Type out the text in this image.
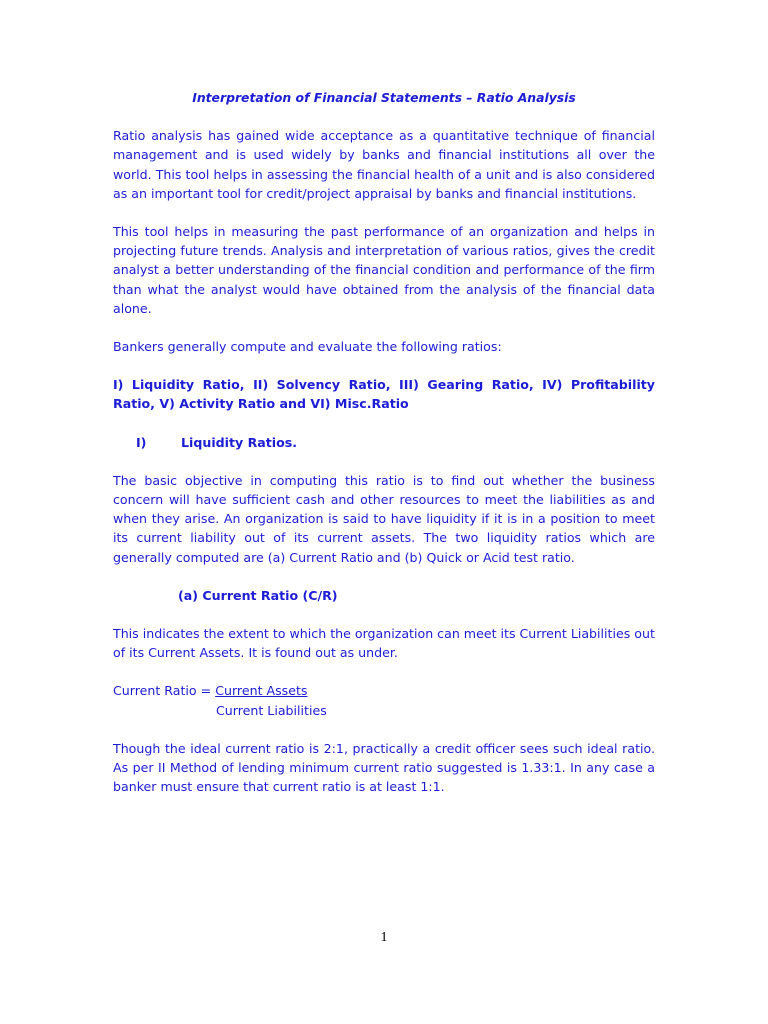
Interpretation of Financial Statements – Ratio Analysis

Ratio analysis has gained wide acceptance as a quantitative technique of financial management and is used widely by banks and financial institutions all over the world. This tool helps in assessing the financial health of a unit and is also considered as an important tool for credit/project appraisal by banks and financial institutions.

This tool helps in measuring the past performance of an organization and helps in projecting future trends. Analysis and interpretation of various ratios, gives the credit analyst a better understanding of the financial condition and performance of the firm than what the analyst would have obtained from the analysis of the financial data alone.

Bankers generally compute and evaluate the following ratios:

I) Liquidity Ratio, II) Solvency Ratio, III) Gearing Ratio, IV) Profitability Ratio, V) Activity Ratio and VI) Misc.Ratio

I)	Liquidity Ratios.

The basic objective in computing this ratio is to find out whether the business concern will have sufficient cash and other resources to meet the liabilities as and when they arise. An organization is said to have liquidity if it is in a position to meet its current liability out of its current assets. The two liquidity ratios which are generally computed are (a) Current Ratio and (b) Quick or Acid test ratio.

(a) Current Ratio (C/R)

This indicates the extent to which the organization can meet its Current Liabilities out of its Current Assets. It is found out as under.

Current Ratio = Current Assets
Current Liabilities

Though the ideal current ratio is 2:1, practically a credit officer sees such ideal ratio. As per II Method of lending minimum current ratio suggested is 1.33:1. In any case a banker must ensure that current ratio is at least 1:1.

1
